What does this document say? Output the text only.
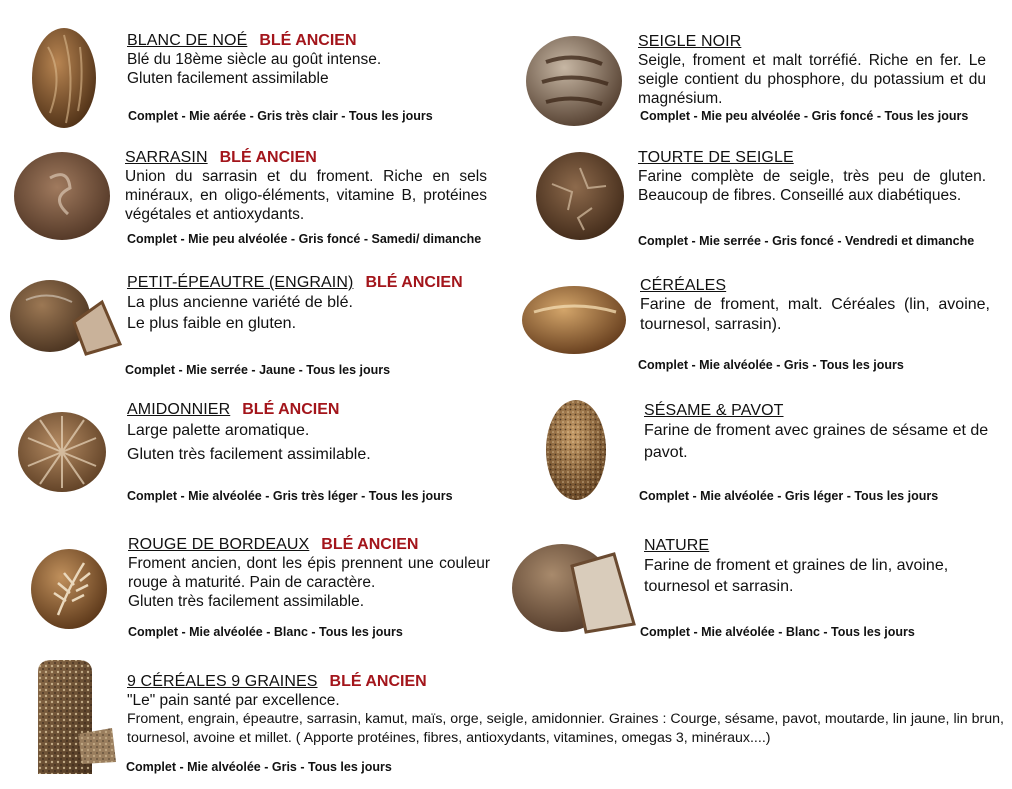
BLANC DE NOÉ BLÉ ANCIEN
Blé du 18ème siècle au goût intense.
Gluten facilement assimilable
Complet - Mie aérée - Gris très clair - Tous les jours
SARRASIN BLÉ ANCIEN
Union du sarrasin et du froment. Riche en sels minéraux, en oligo-éléments, vitamine B, protéines végétales et antioxydants.
Complet - Mie peu alvéolée - Gris foncé - Samedi/ dimanche
PETIT-ÉPEAUTRE (ENGRAIN) BLÉ ANCIEN
La plus ancienne variété de blé.
Le plus faible en gluten.
Complet - Mie serrée - Jaune - Tous les jours
AMIDONNIER BLÉ ANCIEN
Large palette aromatique.
Gluten très facilement assimilable.
Complet - Mie alvéolée - Gris très léger - Tous les jours
ROUGE DE BORDEAUX BLÉ ANCIEN
Froment ancien, dont les épis prennent une couleur rouge à maturité. Pain de caractère.
Gluten très facilement assimilable.
Complet - Mie alvéolée - Blanc - Tous les jours
9 CÉRÉALES 9 GRAINES BLÉ ANCIEN
"Le" pain santé par excellence.
Froment, engrain, épeautre, sarrasin, kamut, maïs, orge, seigle, amidonnier. Graines : Courge, sésame, pavot, moutarde, lin jaune, lin brun, tournesol, avoine et millet. ( Apporte protéines, fibres, antioxydants, vitamines, omegas 3, minéraux....)
Complet - Mie alvéolée - Gris - Tous les jours
SEIGLE NOIR
Seigle, froment et malt torréfié. Riche en fer. Le seigle contient du phosphore, du potassium et du magnésium.
Complet - Mie peu alvéolée - Gris foncé - Tous les jours
TOURTE DE SEIGLE
Farine complète de seigle, très peu de gluten. Beaucoup de fibres. Conseillé aux diabétiques.
Complet - Mie serrée - Gris foncé - Vendredi et dimanche
CÉRÉALES
Farine de froment, malt. Céréales (lin, avoine, tournesol, sarrasin).
Complet - Mie alvéolée - Gris - Tous les jours
SÉSAME & PAVOT
Farine de froment avec graines de sésame et de pavot.
Complet - Mie alvéolée - Gris léger - Tous les jours
NATURE
Farine de froment et graines de lin, avoine, tournesol et sarrasin.
Complet - Mie alvéolée - Blanc - Tous les jours
